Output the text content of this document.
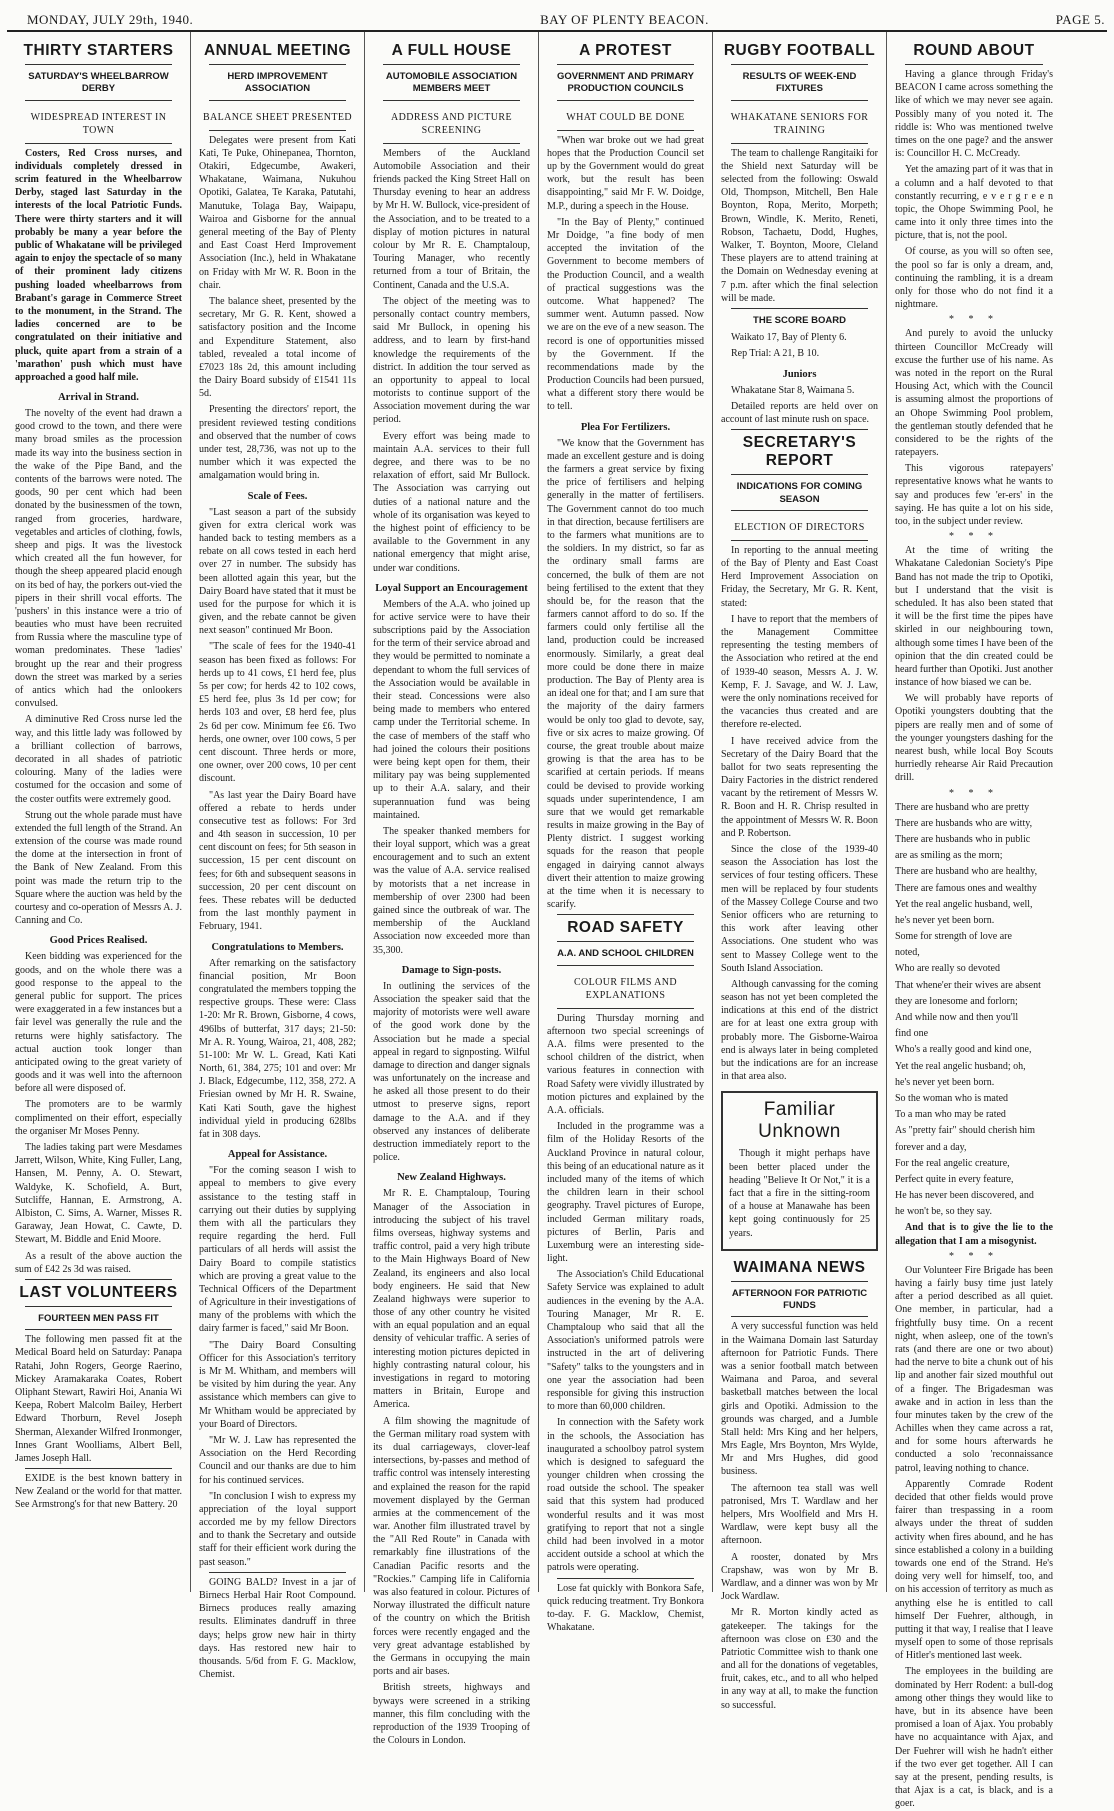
MONDAY, JULY 29th, 1940.	BAY OF PLENTY BEACON.	PAGE 5.
THIRTY STARTERS
SATURDAY'S WHEELBARROW DERBY
WIDESPREAD INTEREST IN TOWN

Costers, Red Cross nurses, and individuals completely dressed in scrim featured in the Wheelbarrow Derby, staged last Saturday in the interests of the local Patriotic Funds. There were thirty starters and it will probably be many a year before the public of Whakatane will be privileged again to enjoy the spectacle of so many of their prominent lady citizens pushing loaded wheelbarrows from Brabant's garage in Commerce Street to the monument, in the Strand. The ladies concerned are to be congratulated on their initiative and pluck, quite apart from a strain of a 'marathon' push which must have approached a good half mile.

Arrival in Strand.

The novelty of the event had drawn a good crowd to the town, and there were many broad smiles as the procession made its way into the business section in the wake of the Pipe Band, and the contents of the barrows were noted. The goods, 90 per cent which had been donated by the businessmen of the town, ranged from groceries, hardware, vegetables and articles of clothing, fowls, sheep and pigs. It was the livestock which created all the fun however, for though the sheep appeared placid enough on its bed of hay, the porkers out-vied the pipers in their shrill vocal efforts. The 'pushers' in this instance were a trio of beauties who must have been recruited from Russia where the masculine type of woman predominates. These 'ladies' brought up the rear and their progress down the street was marked by a series of antics which had the onlookers convulsed.

A diminutive Red Cross nurse led the way, and this little lady was followed by a brilliant collection of barrows, decorated in all shades of patriotic colouring. Many of the ladies were costumed for the occasion and some of the coster outfits were extremely good.

Strung out the whole parade must have extended the full length of the Strand. An extension of the course was made round the dome at the intersection in front of the Bank of New Zealand. From this point was made the return trip to the Square where the auction was held by the courtesy and co-operation of Messrs A. J. Canning and Co.

Good Prices Realised.

Keen bidding was experienced for the goods, and on the whole there was a good response to the appeal to the general public for support. The prices were exaggerated in a few instances but a fair level was generally the rule and the returns were highly satisfactory. The actual auction took longer than anticipated owing to the great variety of goods and it was well into the afternoon before all were disposed of.

The promoters are to be warmly complimented on their effort, especially the organiser Mr Moses Penny.

The ladies taking part were Mesdames Jarrett, Wilson, White, King Fuller, Lang, Hansen, M. Penny, A. O. Stewart, Waldyke, K. Schofield, A. Burt, Sutcliffe, Hannan, E. Armstrong, A. Albiston, C. Sims, A. Warner, Misses R. Garaway, Jean Howat, C. Cawte, D. Stewart, M. Biddle and Enid Moore.

As a result of the above auction the sum of £42 2s 3d was raised.

LAST VOLUNTEERS
FOURTEEN MEN PASS FIT

The following men passed fit at the Medical Board held on Saturday: Panapa Ratahi, John Rogers, George Raerino, Mickey Aramakaraka Coates, Robert Oliphant Stewart, Rawiri Hoi, Anania Wi Keepa, Robert Malcolm Bailey, Herbert Edward Thorburn, Revel Joseph Sherman, Alexander Wilfred Ironmonger, Innes Grant Woolliams, Albert Bell, James Joseph Hall.

EXIDE is the best known battery in New Zealand or the world for that matter. See Armstrong's for that new Battery. 20

ANNUAL MEETING
HERD IMPROVEMENT ASSOCIATION
BALANCE SHEET PRESENTED

Delegates were present from Kati Kati, Te Puke, Ohinepanea, Thornton, Otakiri, Edgecumbe, Awakeri, Whakatane, Waimana, Nukuhou Opotiki, Galatea, Te Karaka, Patutahi, Manutuke, Tolaga Bay, Waipapu, Wairoa and Gisborne for the annual general meeting of the Bay of Plenty and East Coast Herd Improvement Association (Inc.), held in Whakatane on Friday with Mr W. R. Boon in the chair.

The balance sheet, presented by the secretary, Mr G. R. Kent, showed a satisfactory position and the Income and Expenditure Statement, also tabled, revealed a total income of £7023 18s 2d, this amount including the Dairy Board subsidy of £1541 11s 5d.

Presenting the directors' report, the president reviewed testing conditions and observed that the number of cows under test, 28,736, was not up to the number which it was expected the amalgamation would bring in.

Scale of Fees.

"Last season a part of the subsidy given for extra clerical work was handed back to testing members as a rebate on all cows tested in each herd over 27 in number. The subsidy has been allotted again this year, but the Dairy Board have stated that it must be used for the purpose for which it is given, and the rebate cannot be given next season" continued Mr Boon.

"The scale of fees for the 1940-41 season has been fixed as follows: For herds up to 41 cows, £1 herd fee, plus 5s per cow; for herds 42 to 102 cows, £5 herd fee, plus 3s 1d per cow; for herds 103 and over, £8 herd fee, plus 2s 6d per cow. Minimum fee £6. Two herds, one owner, over 100 cows, 5 per cent discount. Three herds or more, one owner, over 200 cows, 10 per cent discount.

"As last year the Dairy Board have offered a rebate to herds under consecutive test as follows: For 3rd and 4th season in succession, 10 per cent discount on fees; for 5th season in succession, 15 per cent discount on fees; for 6th and subsequent seasons in succession, 20 per cent discount on fees. These rebates will be deducted from the last monthly payment in February, 1941.

Congratulations to Members.

After remarking on the satisfactory financial position, Mr Boon congratulated the members topping the respective groups. These were: Class 1-20: Mr R. Brown, Gisborne, 4 cows, 496lbs of butterfat, 317 days; 21-50: Mr A. R. Young, Wairoa, 21, 408, 282; 51-100: Mr W. L. Gread, Kati Kati North, 61, 384, 275; 101 and over: Mr J. Black, Edgecumbe, 112, 358, 272. A Friesian owned by Mr H. R. Swaine, Kati Kati South, gave the highest individual yield in producing 628lbs fat in 308 days.

Appeal for Assistance.

"For the coming season I wish to appeal to members to give every assistance to the testing staff in carrying out their duties by supplying them with all the particulars they require regarding the herd. Full particulars of all herds will assist the Dairy Board to compile statistics which are proving a great value to the Technical Officers of the Department of Agriculture in their investigations of many of the problems with which the dairy farmer is faced," said Mr Boon.

"The Dairy Board Consulting Officer for this Association's territory is Mr M. Whitham, and members will be visited by him during the year. Any assistance which members can give to Mr Whitham would be appreciated by your Board of Directors.

"Mr W. J. Law has represented the Association on the Herd Recording Council and our thanks are due to him for his continued services.

"In conclusion I wish to express my appreciation of the loyal support accorded me by my fellow Directors and to thank the Secretary and outside staff for their efficient work during the past season."

GOING BALD? Invest in a jar of Birnecs Herbal Hair Root Compound. Birnecs produces really amazing results. Eliminates dandruff in three days; helps grow new hair in thirty days. Has restored new hair to thousands. 5/6d from F. G. Macklow, Chemist.

A FULL HOUSE
AUTOMOBILE ASSOCIATION MEMBERS MEET
ADDRESS AND PICTURE SCREENING

Members of the Auckland Automobile Association and their friends packed the King Street Hall on Thursday evening to hear an address by Mr H. W. Bullock, vice-president of the Association, and to be treated to a display of motion pictures in natural colour by Mr R. E. Champtaloup, Touring Manager, who recently returned from a tour of Britain, the Continent, Canada and the U.S.A.

The object of the meeting was to personally contact country members, said Mr Bullock, in opening his address, and to learn by first-hand knowledge the requirements of the district. In addition the tour served as an opportunity to appeal to local motorists to continue support of the Association movement during the war period.

Every effort was being made to maintain A.A. services to their full degree, and there was to be no relaxation of effort, said Mr Bullock. The Association was carrying out duties of a national nature and the whole of its organisation was keyed to the highest point of efficiency to be available to the Government in any national emergency that might arise, under war conditions.

Loyal Support an Encouragement

Members of the A.A. who joined up for active service were to have their subscriptions paid by the Association for the term of their service abroad and they would be permitted to nominate a dependant to whom the full services of the Association would be available in their stead. Concessions were also being made to members who entered camp under the Territorial scheme. In the case of members of the staff who had joined the colours their positions were being kept open for them, their military pay was being supplemented up to their A.A. salary, and their superannuation fund was being maintained.

The speaker thanked members for their loyal support, which was a great encouragement and to such an extent was the value of A.A. service realised by motorists that a net increase in membership of over 2300 had been gained since the outbreak of war. The membership of the Auckland Association now exceeded more than 35,300.

Damage to Sign-posts.

In outlining the services of the Association the speaker said that the majority of motorists were well aware of the good work done by the Association but he made a special appeal in regard to signposting. Wilful damage to direction and danger signals was unfortunately on the increase and he asked all those present to do their utmost to preserve signs, report damage to the A.A. and if they observed any instances of deliberate destruction immediately report to the police.

New Zealand Highways.

Mr R. E. Champtaloup, Touring Manager of the Association in introducing the subject of his travel films overseas, highway systems and traffic control, paid a very high tribute to the Main Highways Board of New Zealand, its engineers and also local body engineers. He said that New Zealand highways were superior to those of any other country he visited with an equal population and an equal density of vehicular traffic. A series of interesting motion pictures depicted in highly contrasting natural colour, his investigations in regard to motoring matters in Britain, Europe and America.

A film showing the magnitude of the German military road system with its dual carriageways, clover-leaf intersections, by-passes and method of traffic control was intensely interesting and explained the reason for the rapid movement displayed by the German armies at the commencement of the war. Another film illustrated travel by the "All Red Route" in Canada with remarkably fine illustrations of the Canadian Pacific resorts and the "Rockies." Camping life in California was also featured in colour. Pictures of Norway illustrated the difficult nature of the country on which the British forces were recently engaged and the very great advantage established by the Germans in occupying the main ports and air bases.

British streets, highways and byways were screened in a striking manner, this film concluding with the reproduction of the 1939 Trooping of the Colours in London.

A PROTEST
GOVERNMENT AND PRIMARY PRODUCTION COUNCILS
WHAT COULD BE DONE

"When war broke out we had great hopes that the Production Council set up by the Government would do great work, but the result has been disappointing," said Mr F. W. Doidge, M.P., during a speech in the House.

"In the Bay of Plenty," continued Mr Doidge, "a fine body of men accepted the invitation of the Government to become members of the Production Council, and a wealth of practical suggestions was the outcome. What happened? The summer went. Autumn passed. Now we are on the eve of a new season. The record is one of opportunities missed by the Government. If the recommendations made by the Production Councils had been pursued, what a different story there would be to tell.

Plea For Fertilizers.

"We know that the Government has made an excellent gesture and is doing the farmers a great service by fixing the price of fertilisers and helping generally in the matter of fertilisers. The Government cannot do too much in that direction, because fertilisers are to the farmers what munitions are to the soldiers. In my district, so far as the ordinary small farms are concerned, the bulk of them are not being fertilised to the extent that they should be, for the reason that the farmers cannot afford to do so. If the farmers could only fertilise all the land, production could be increased enormously. Similarly, a great deal more could be done there in maize production. The Bay of Plenty area is an ideal one for that; and I am sure that the majority of the dairy farmers would be only too glad to devote, say, five or six acres to maize growing. Of course, the great trouble about maize growing is that the area has to be scarified at certain periods. If means could be devised to provide working squads under superintendence, I am sure that we would get remarkable results in maize growing in the Bay of Plenty district. I suggest working squads for the reason that people engaged in dairying cannot always divert their attention to maize growing at the time when it is necessary to scarify.

ROAD SAFETY
A.A. AND SCHOOL CHILDREN
COLOUR FILMS AND EXPLANATIONS

During Thursday morning and afternoon two special screenings of A.A. films were presented to the school children of the district, when various features in connection with Road Safety were vividly illustrated by motion pictures and explained by the A.A. officials.

Included in the programme was a film of the Holiday Resorts of the Auckland Province in natural colour, this being of an educational nature as it included many of the items of which the children learn in their school geography. Travel pictures of Europe, included German military roads, pictures of Berlin, Paris and Luxemburg were an interesting side-light.

The Association's Child Educational Safety Service was explained to adult audiences in the evening by the A.A. Touring Manager, Mr R. E. Champtaloup who said that all the Association's uniformed patrols were instructed in the art of delivering "Safety" talks to the youngsters and in one year the association had been responsible for giving this instruction to more than 60,000 children.

In connection with the Safety work in the schools, the Association has inaugurated a schoolboy patrol system which is designed to safeguard the younger children when crossing the road outside the school. The speaker said that this system had produced wonderful results and it was most gratifying to report that not a single child had been involved in a motor accident outside a school at which the patrols were operating.

Lose fat quickly with Bonkora Safe, quick reducing treatment. Try Bonkora to-day. F. G. Macklow, Chemist, Whakatane.

RUGBY FOOTBALL
RESULTS OF WEEK-END FIXTURES
WHAKATANE SENIORS FOR TRAINING

The team to challenge Rangitaiki for the Shield next Saturday will be selected from the following: Oswald Old, Thompson, Mitchell, Ben Hale Boynton, Ropa, Merito, Morpeth; Brown, Windle, K. Merito, Reneti, Robson, Tachaetu, Dodd, Hughes, Walker, T. Boynton, Moore, Cleland These players are to attend training at the Domain on Wednesday evening at 7 p.m. after which the final selection will be made.

THE SCORE BOARD

Waikato 17, Bay of Plenty 6.

Rep Trial: A 21, B 10.

Juniors

Whakatane Star 8, Waimana 5.

Detailed reports are held over on account of last minute rush on space.

SECRETARY'S REPORT
INDICATIONS FOR COMING SEASON
ELECTION OF DIRECTORS

In reporting to the annual meeting of the Bay of Plenty and East Coast Herd Improvement Association on Friday, the Secretary, Mr G. R. Kent, stated:

I have to report that the members of the Management Committee representing the testing members of the Association who retired at the end of 1939-40 season, Messrs A. J. W. Kemp, F. J. Savage, and W. J. Law, were the only nominations received for the vacancies thus created and are therefore re-elected.

I have received advice from the Secretary of the Dairy Board that the ballot for two seats representing the Dairy Factories in the district rendered vacant by the retirement of Messrs W. R. Boon and H. R. Chrisp resulted in the appointment of Messrs W. R. Boon and P. Robertson.

Since the close of the 1939-40 season the Association has lost the services of four testing officers. These men will be replaced by four students of the Massey College Course and two Senior officers who are returning to this work after leaving other Associations. One student who was sent to Massey College went to the South Island Association.

Although canvassing for the coming season has not yet been completed the indications at this end of the district are for at least one extra group with probably more. The Gisborne-Wairoa end is always later in being completed but the indications are for an increase in that area also.

Familiar Unknown

Though it might perhaps have been better placed under the heading "Believe It Or Not," it is a fact that a fire in the sitting-room of a house at Manawahe has been kept going continuously for 25 years.

WAIMANA NEWS
AFTERNOON FOR PATRIOTIC FUNDS

A very successful function was held in the Waimana Domain last Saturday afternoon for Patriotic Funds. There was a senior football match between Waimana and Paroa, and several basketball matches between the local girls and Opotiki. Admission to the grounds was charged, and a Jumble Stall held: Mrs King and her helpers, Mrs Eagle, Mrs Boynton, Mrs Wylde, Mr and Mrs Hughes, did good business.

The afternoon tea stall was well patronised, Mrs T. Wardlaw and her helpers, Mrs Woolfield and Mrs H. Wardlaw, were kept busy all the afternoon.

A rooster, donated by Mrs Crapshaw, was won by Mr B. Wardlaw, and a dinner was won by Mr Jock Wardlaw.

Mr R. Morton kindly acted as gatekeeper. The takings for the afternoon was close on £30 and the Patriotic Committee wish to thank one and all for the donations of vegetables, fruit, cakes, etc., and to all who helped in any way at all, to make the function so successful.

ROUND ABOUT

Having a glance through Friday's BEACON I came across something the like of which we may never see again. Possibly many of you noted it. The riddle is: Who was mentioned twelve times on the one page? and the answer is: Councillor H. C. McCready.

Yet the amazing part of it was that in a column and a half devoted to that constantly recurring, e v e r g r e e n topic, the Ohope Swimming Pool, he came into it only three times into the picture, that is, not the pool.

Of course, as you will so often see, the pool so far is only a dream, and, continuing the rambling, it is a dream only for those who do not find it a nightmare.

* * *

And purely to avoid the unlucky thirteen Councillor McCready will excuse the further use of his name. As was noted in the report on the Rural Housing Act, which with the Council is assuming almost the proportions of an Ohope Swimming Pool problem, the gentleman stoutly defended that he considered to be the rights of the ratepayers.

This vigorous ratepayers' representative knows what he wants to say and produces few 'er-ers' in the saying. He has quite a lot on his side, too, in the subject under review.

* * *

At the time of writing the Whakatane Caledonian Society's Pipe Band has not made the trip to Opotiki, but I understand that the visit is scheduled. It has also been stated that it will be the first time the pipes have skirled in our neighbouring town, although some times I have been of the opinion that the din created could be heard further than Opotiki. Just another instance of how biased we can be.

We will probably have reports of Opotiki youngsters doubting that the pipers are really men and of some of the younger youngsters dashing for the nearest bush, while local Boy Scouts hurriedly rehearse Air Raid Precaution drill.

* * *

There are husband who are pretty

There are husbands who are witty,

There are husbands who in public

are as smiling as the morn;

There are husband who are healthy,

There are famous ones and wealthy

Yet the real angelic husband, well,

he's never yet been born.

Some for strength of love are

noted,

Who are really so devoted

That whene'er their wives are absent

they are lonesome and forlorn;

And while now and then you'll

find one

Who's a really good and kind one,

Yet the real angelic husband; oh,

he's never yet been born.

So the woman who is mated

To a man who may be rated

As "pretty fair" should cherish him

forever and a day,

For the real angelic creature,

Perfect quite in every feature,

He has never been discovered, and

he won't be, so they say.

And that is to give the lie to the allegation that I am a misogynist.

* * *

Our Volunteer Fire Brigade has been having a fairly busy time just lately after a period described as all quiet. One member, in particular, had a frightfully busy time. On a recent night, when asleep, one of the town's rats (and there are one or two about) had the nerve to bite a chunk out of his lip and another fair sized mouthful out of a finger. The Brigadesman was awake and in action in less than the four minutes taken by the crew of the Achilles when they came across a rat, and for some hours afterwards he conducted a solo 'reconnaissance patrol, leaving nothing to chance.

Apparently Comrade Rodent decided that other fields would prove fairer than trespassing in a room always under the threat of sudden activity when fires abound, and he has since established a colony in a building towards one end of the Strand. He's doing very well for himself, too, and on his accession of territory as much as anything else he is entitled to call himself Der Fuehrer, although, in putting it that way, I realise that I leave myself open to some of those reprisals of Hitler's mentioned last week.

The employees in the building are dominated by Herr Rodent: a bull-dog among other things they would like to have, but in its absence have been promised a loan of Ajax. You probably have no acquaintance with Ajax, and Der Fuehrer will wish he hadn't either if the two ever get together. All I can say at the present, pending results, is that Ajax is a cat, is black, and is a goer.
